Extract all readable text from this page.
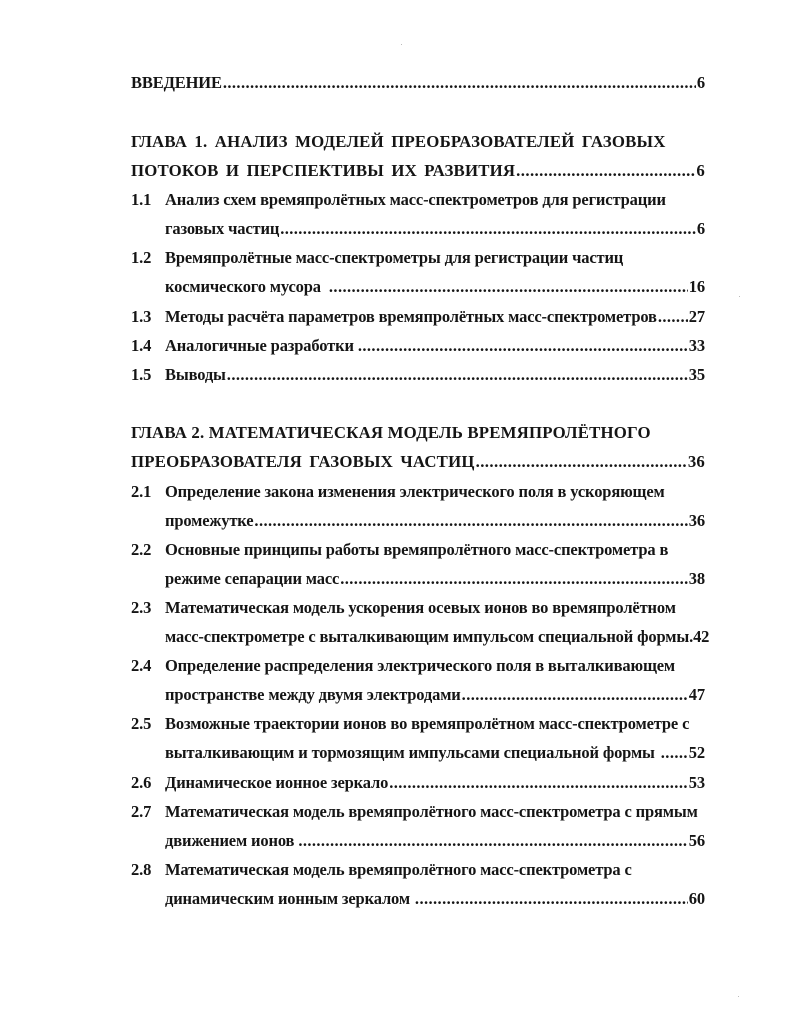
ВВЕДЕНИЕ .....	6
ГЛАВА 1. АНАЛИЗ МОДЕЛЕЙ ПРЕОБРАЗОВАТЕЛЕЙ ГАЗОВЫХ
ПОТОКОВ И ПЕРСПЕКТИВЫ ИХ РАЗВИТИЯ .....	6
1.1 Анализ схем времяпролётных масс-спектрометров для регистрации
газовых частиц .....	6
1.2 Времяпролётные масс-спектрометры для регистрации частиц
космического мусора .....	16
1.3 Методы расчёта параметров времяпролётных масс-спектрометров ..... 27
1.4 Аналогичные разработки .....	33
1.5 Выводы .....	35
ГЛАВА 2. МАТЕМАТИЧЕСКАЯ МОДЕЛЬ ВРЕМЯПРОЛЁТНОГО
ПРЕОБРАЗОВАТЕЛЯ ГАЗОВЫХ ЧАСТИЦ .....	36
2.1 Определение закона изменения электрического поля в ускоряющем
промежутке .....	36
2.2 Основные принципы работы времяпролётного масс-спектрометра в
режиме сепарации масс .....	38
2.3 Математическая модель ускорения осевых ионов во времяпролётном
масс-спектрометре с выталкивающим импульсом специальной формы ..... 42
2.4 Определение распределения электрического поля в выталкивающем
пространстве между двумя электродами .....	47
2.5 Возможные траектории ионов во времяпролётном масс-спектрометре с
выталкивающим и тормозящим импульсами специальной формы ..... 52
2.6 Динамическое ионное зеркало .....	53
2.7 Математическая модель времяпролётного масс-спектрометра с прямым
движением ионов .....	56
2.8 Математическая модель времяпролётного масс-спектрометра с
динамическим ионным зеркалом .....	60
